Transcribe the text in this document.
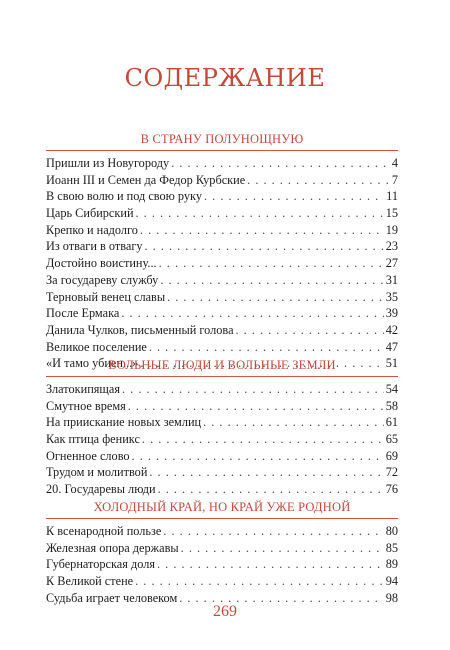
СОДЕРЖАНИЕ
В СТРАНУ ПОЛУНОЩНУЮ
Пришли из Новугороду . . .	4
Иоанн III и Семен да Федор Курбские . . .	7
В свою волю и под свою руку . . .	11
Царь Сибирский . . .	15
Крепко и надолго . . .	19
Из отваги в отвагу . . .	23
Достойно воистину... . . .	27
За государеву службу . . .	31
Терновый венец славы . . .	35
После Ермака . . .	39
Данила Чулков, письменный голова . . .	42
Великое поселение . . .	47
«И тамо убиен...» . . .	51
ВОЛЬНЫЕ ЛЮДИ И ВОЛЬНЫЕ ЗЕМЛИ
Златокипящая . . .	54
Смутное время . . .	58
На приискание новых землиц . . .	61
Как птица феникс . . .	65
Огненное слово . . .	69
Трудом и молитвой . . .	72
20. Государевы люди . . .	76
ХОЛОДНЫЙ КРАЙ, НО КРАЙ УЖЕ РОДНОЙ
К всенародной пользе . . .	80
Железная опора державы . . .	85
Губернаторская доля . . .	89
К Великой стене . . .	94
Судьба играет человеком . . .	98
269
